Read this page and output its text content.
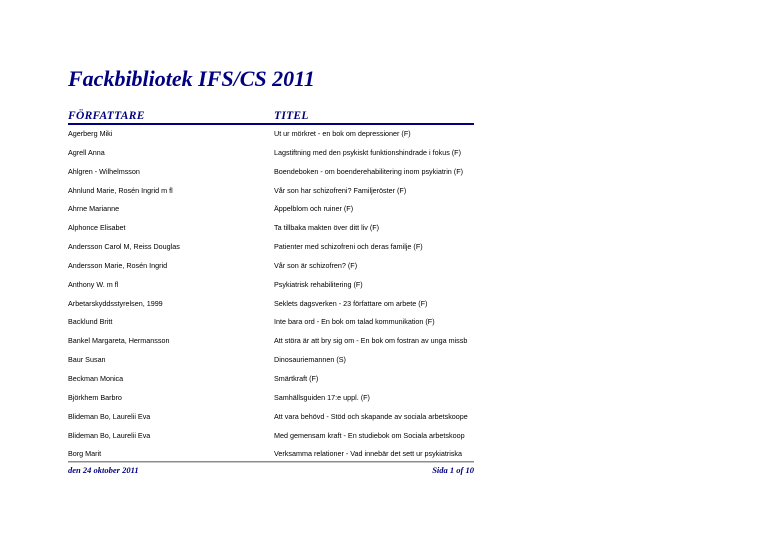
Fackbibliotek IFS/CS 2011
FÖRFATTARE	TITEL
Agerberg Miki	Ut ur mörkret - en bok om depressioner (F)
Agrell Anna	Lagstiftning med den psykiskt funktionshindrade i fokus (F)
Ahlgren - Wilhelmsson	Boendeboken - om boenderehabilitering inom psykiatrin (F)
Ahnlund Marie, Rosén Ingrid m fl	Vår son har schizofreni? Familjeröster (F)
Ahrne Marianne	Äppelblom och ruiner (F)
Alphonce Elisabet	Ta tillbaka makten över ditt liv (F)
Andersson Carol M, Reiss Douglas	Patienter med schizofreni och deras familje (F)
Andersson Marie, Rosén Ingrid	Vår son är schizofren? (F)
Anthony W. m fl	Psykiatrisk rehabilitering (F)
Arbetarskyddsstyrelsen, 1999	Seklets dagsverken - 23 författare om arbete (F)
Backlund Britt	Inte bara ord - En bok om talad kommunikation (F)
Bankel Margareta, Hermansson	Att störa är att bry sig om - En bok om fostran av unga missb
Baur Susan	Dinosauriemannen (S)
Beckman Monica	Smärtkraft (F)
Björkhem Barbro	Samhällsguiden 17:e uppl. (F)
Blideman Bo, Laurelii Eva	Att vara behövd - Stöd och skapande av sociala arbetskoope
Blideman Bo, Laurelii Eva	Med gemensam kraft - En studiebok om Sociala arbetskoop
Borg Marit	Verksamma relationer - Vad innebär det sett ur psykiatriska
den 24 oktober 2011	Sida 1 of 10
